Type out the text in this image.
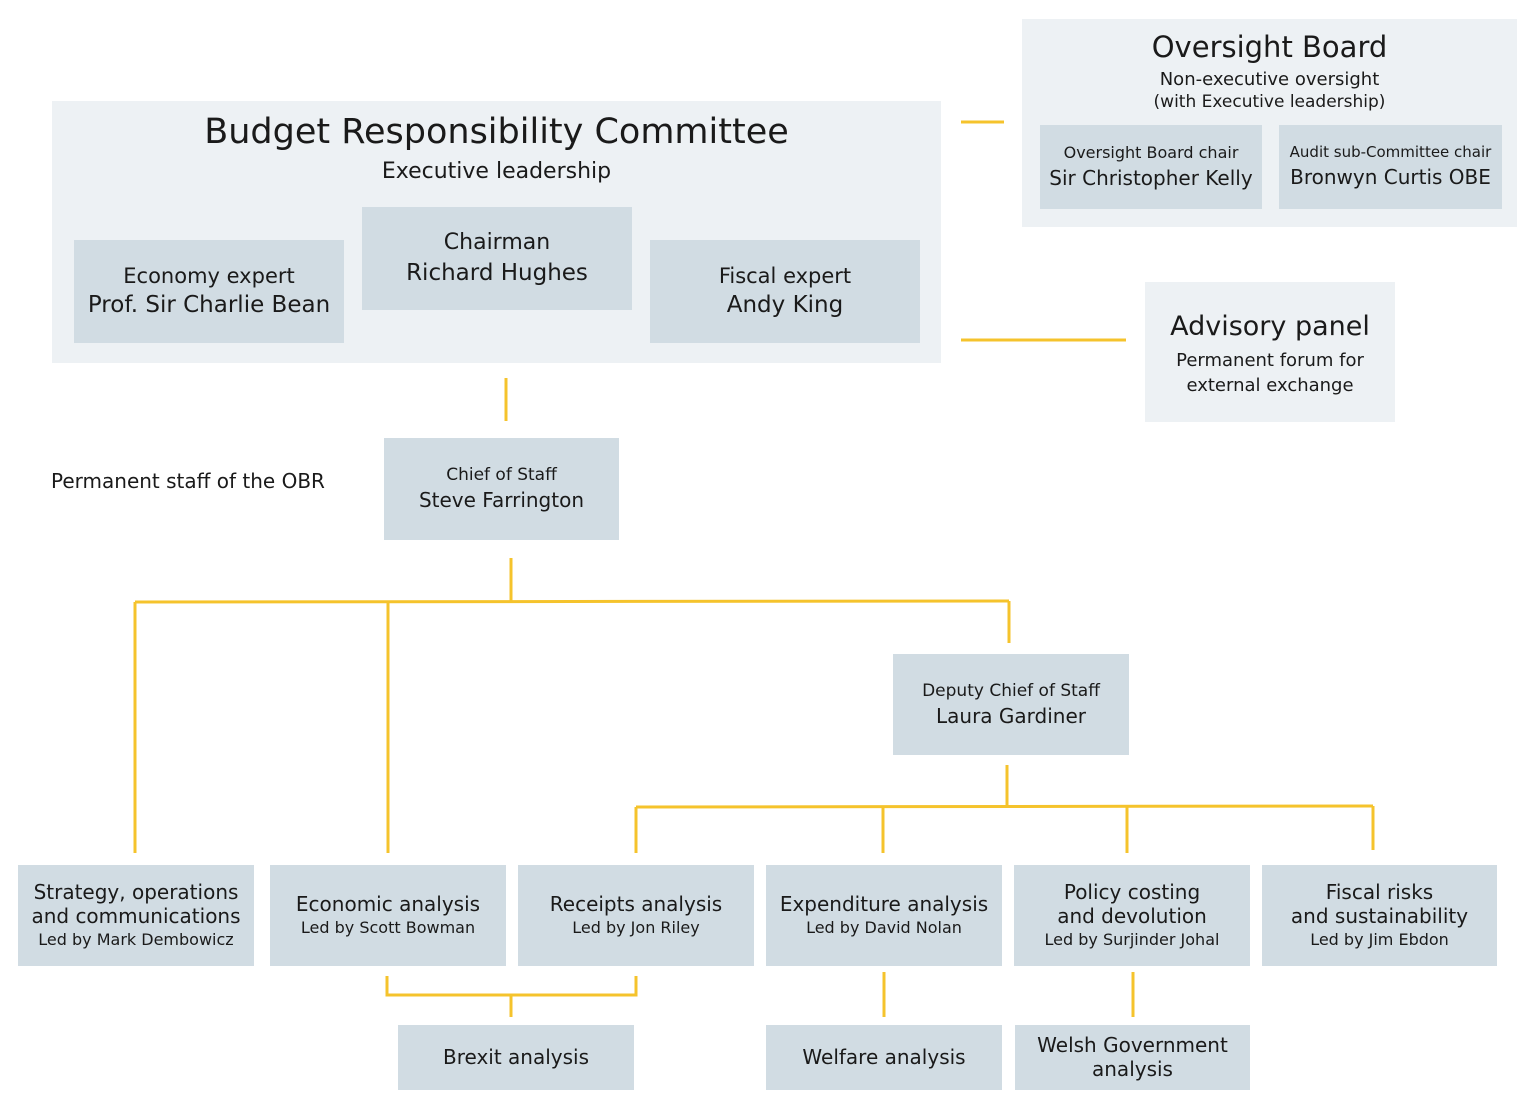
Budget Responsibility Committee
Executive leadership
Economy expert
Prof. Sir Charlie Bean
Chairman
Richard Hughes	Fiscal expert
Andy King
Oversight Board
Non-executive oversight
(with Executive leadership)
Oversight Board chair
Sir Christopher Kelly
Audit sub-Committee chair
Bronwyn Curtis OBE
Advisory panel
Permanent forum for
external exchange
Permanent staff of the OBR	Chief of Staff
Steve Farrington
Deputy Chief of Staff
Laura Gardiner
Strategy, operations
and communications
Led by Mark Dembowicz
Economic analysis
Led by Scott Bowman
Receipts analysis
Led by Jon Riley
Expenditure analysis
Led by David Nolan
Policy costing
and devolution
Led by Surjinder Johal
Fiscal risks
and sustainability
Led by Jim Ebdon
Brexit analysis	Welfare analysis	Welsh Government
analysis
